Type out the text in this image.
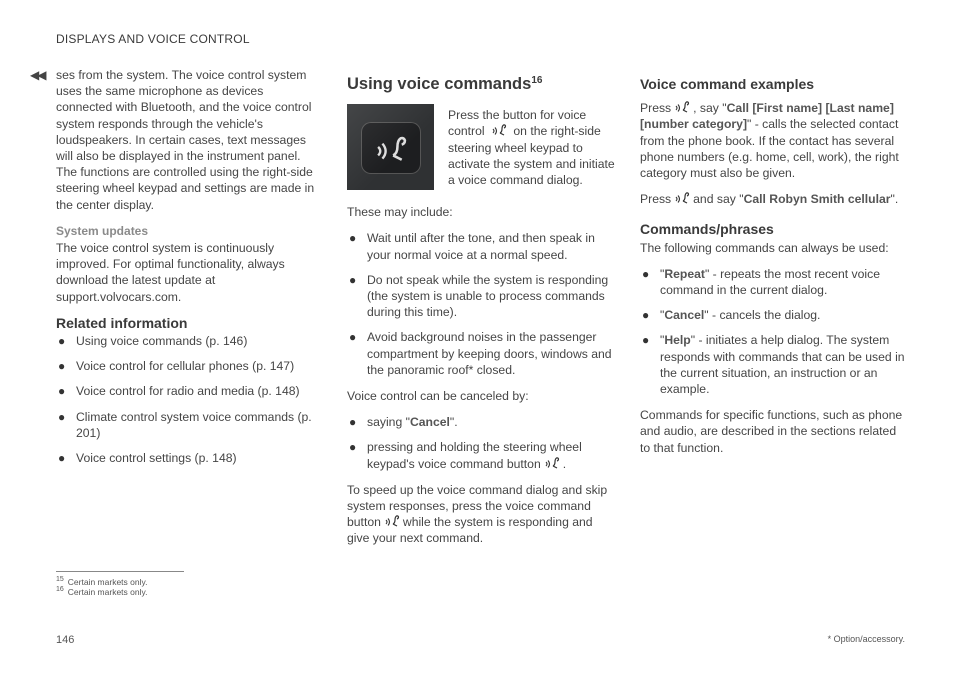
DISPLAYS AND VOICE CONTROL
◀◀ ses from the system. The voice control system uses the same microphone as devices connected with Bluetooth, and the voice control system responds through the vehicle's loudspeakers. In certain cases, text messages will also be displayed in the instrument panel. The functions are controlled using the right-side steering wheel keypad and settings are made in the center display.

System updates

The voice control system is continuously improved. For optimal functionality, always download the latest update at support.volvocars.com.

Related information
● Using voice commands (p. 146)
● Voice control for cellular phones (p. 147)
● Voice control for radio and media (p. 148)
● Climate control system voice commands (p. 201)
● Voice control settings (p. 148)
Using voice commands$^{16}$
Press the button for voice control on the right-side steering wheel keypad to activate the system and initiate a voice command dialog.

These may include:

● Wait until after the tone, and then speak in your normal voice at a normal speed.
● Do not speak while the system is responding (the system is unable to process commands during this time).
● Avoid background noises in the passenger compartment by keeping doors, windows and the panoramic roof* closed.

Voice control can be canceled by:

● saying "Cancel".
● pressing and holding the steering wheel keypad's voice command button .

To speed up the voice command dialog and skip system responses, press the voice command button while the system is responding and give your next command.

Voice command examples

Press , say "Call [First name] [Last name] [number category]" - calls the selected contact from the phone book. If the contact has several phone numbers (e.g. home, cell, work), the right category must also be given.

Press and say "Call Robyn Smith cellular".

Commands/phrases

The following commands can always be used:

● "Repeat" - repeats the most recent voice command in the current dialog.
● "Cancel" - cancels the dialog.
● "Help" - initiates a help dialog. The system responds with commands that can be used in the current situation, an instruction or an example.

Commands for specific functions, such as phone and audio, are described in the sections related to that function.

$^{15}$ Certain markets only.
$^{16}$ Certain markets only.
146	* Option/accessory.
